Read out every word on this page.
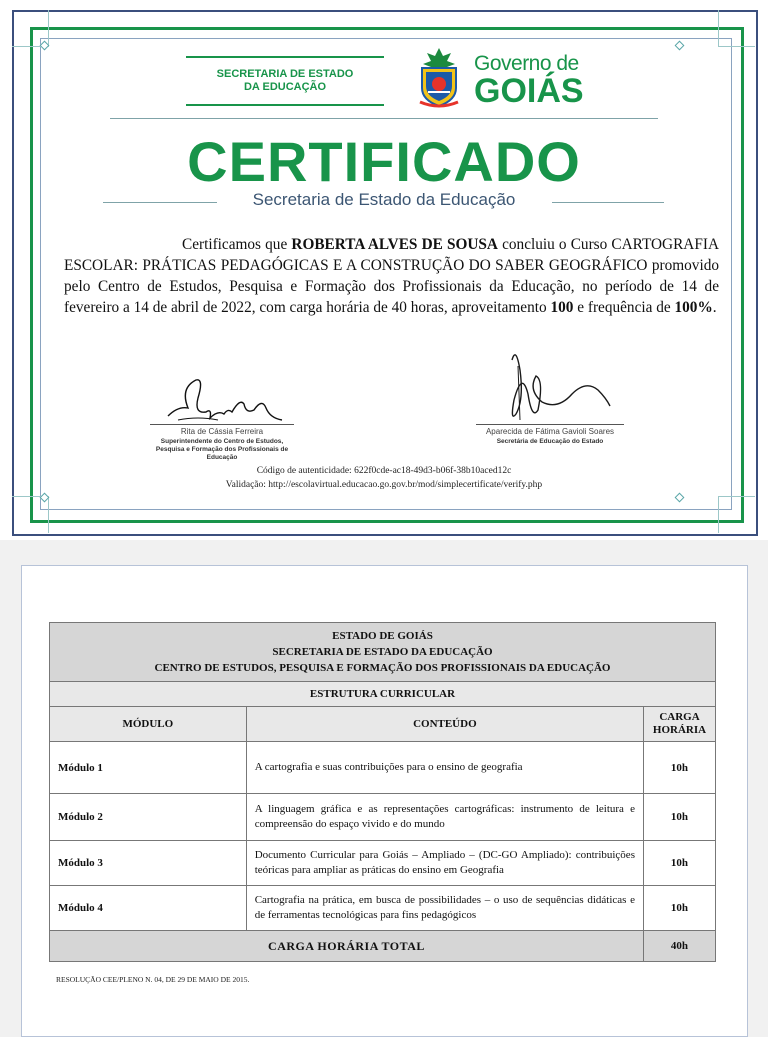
SECRETARIA DE ESTADO
DA EDUCAÇÃO
Governo de
GOIÁS
CERTIFICADO
Secretaria de Estado da Educação
Certificamos que ROBERTA ALVES DE SOUSA concluiu o Curso CARTOGRAFIA ESCOLAR: PRÁTICAS PEDAGÓGICAS E A CONSTRUÇÃO DO SABER GEOGRÁFICO promovido pelo Centro de Estudos, Pesquisa e Formação dos Profissionais da Educação, no período de 14 de fevereiro a 14 de abril de 2022, com carga horária de 40 horas, aproveitamento 100 e frequência de 100%.
Rita de Cássia Ferreira
Superintendente do Centro de Estudos,
Pesquisa e Formação dos Profissionais de
Educação
Aparecida de Fátima Gavioli Soares
Secretária de Educação do Estado
Código de autenticidade: 622f0cde-ac18-49d3-b06f-38b10aced12c
Validação: http://escolavirtual.educacao.go.gov.br/mod/simplecertificate/verify.php
ESTADO DE GOIÁS
SECRETARIA DE ESTADO DA EDUCAÇÃO
CENTRO DE ESTUDOS, PESQUISA E FORMAÇÃO DOS PROFISSIONAIS DA EDUCAÇÃO		

ESTRUTURA CURRICULAR		
MÓDULO	CONTEÚDO	CARGA
HORÁRIA

Módulo 1	A cartografia e suas contribuições para o ensino de geografia	10h
Módulo 2	A linguagem gráfica e as representações cartográficas: instrumento de leitura e compreensão do espaço vivido e do mundo	10h
Módulo 3	Documento Curricular para Goiás – Ampliado – (DC-GO Ampliado): contribuições teóricas para ampliar as práticas do ensino em Geografia	10h
Módulo 4	Cartografia na prática, em busca de possibilidades – o uso de sequências didáticas e de ferramentas tecnológicas para fins pedagógicos	10h
CARGA HORÁRIA TOTAL		40h
RESOLUÇÃO CEE/PLENO N. 04, DE 29 DE MAIO DE 2015.
